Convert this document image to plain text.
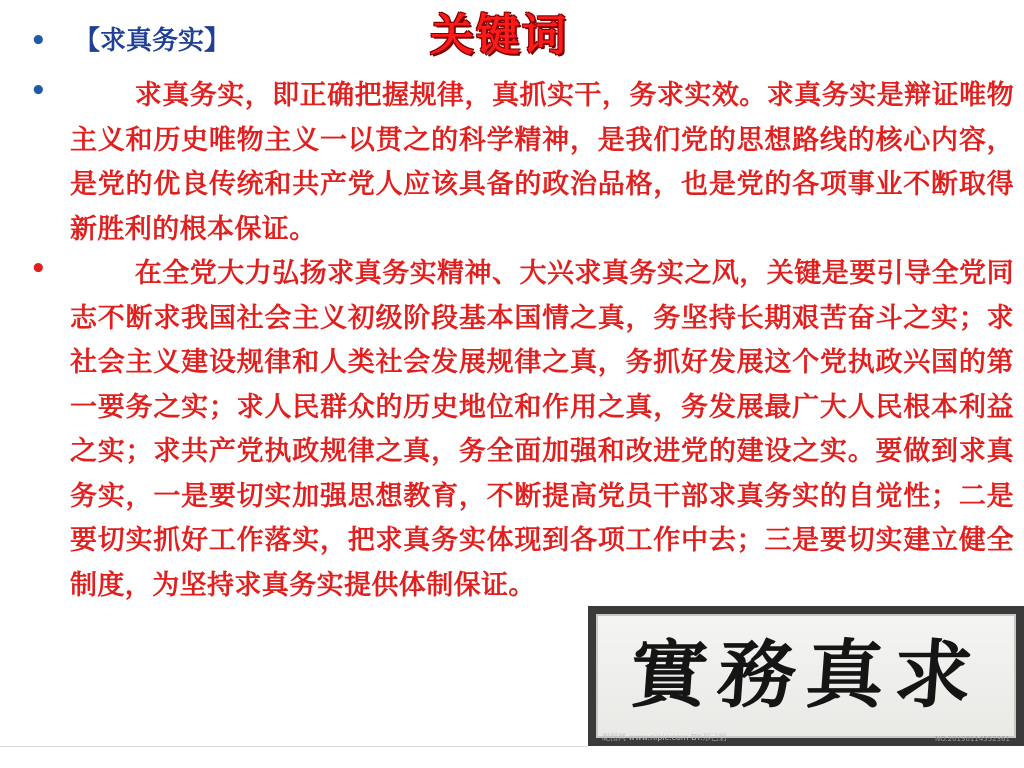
关键词
•	【求真务实】
•	求真务实，即正确把握规律，真抓实干，务求实效。求真务实是辩证唯物主义和历史唯物主义一以贯之的科学精神，是我们党的思想路线的核心内容，是党的优良传统和共产党人应该具备的政治品格，也是党的各项事业不断取得新胜利的根本保证。
•	在全党大力弘扬求真务实精神、大兴求真务实之风，关键是要引导全党同志不断求我国社会主义初级阶段基本国情之真，务坚持长期艰苦奋斗之实；求社会主义建设规律和人类社会发展规律之真，务抓好发展这个党执政兴国的第一要务之实；求人民群众的历史地位和作用之真，务发展最广大人民根本利益之实；求共产党执政规律之真，务全面加强和改进党的建设之实。要做到求真务实，一是要切实加强思想教育，不断提高党员干部求真务实的自觉性；二是要切实抓好工作落实，把求真务实体现到各项工作中去；三是要切实建立健全制度，为坚持求真务实提供体制保证。
實務真求
昵图网 www.nipic.com BY:形己躬	NO.20130114552361
